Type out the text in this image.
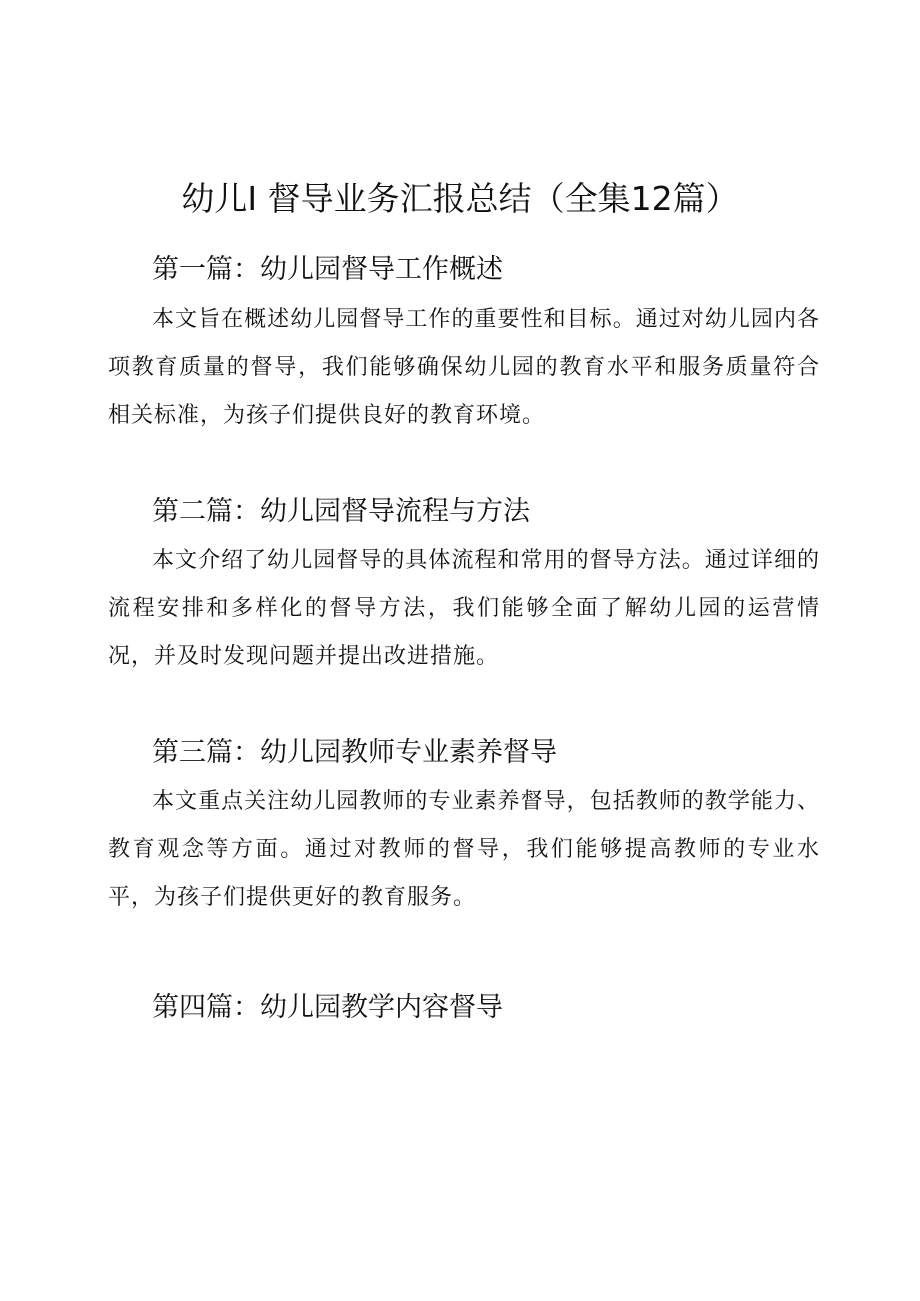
幼儿I 督导业务汇报总结（全集12篇）
第一篇：幼儿园督导工作概述

本文旨在概述幼儿园督导工作的重要性和目标。通过对幼儿园内各项教育质量的督导，我们能够确保幼儿园的教育水平和服务质量符合相关标准，为孩子们提供良好的教育环境。

第二篇：幼儿园督导流程与方法

本文介绍了幼儿园督导的具体流程和常用的督导方法。通过详细的流程安排和多样化的督导方法，我们能够全面了解幼儿园的运营情况，并及时发现问题并提出改进措施。

第三篇：幼儿园教师专业素养督导

本文重点关注幼儿园教师的专业素养督导，包括教师的教学能力、教育观念等方面。通过对教师的督导，我们能够提高教师的专业水平，为孩子们提供更好的教育服务。

第四篇：幼儿园教学内容督导
